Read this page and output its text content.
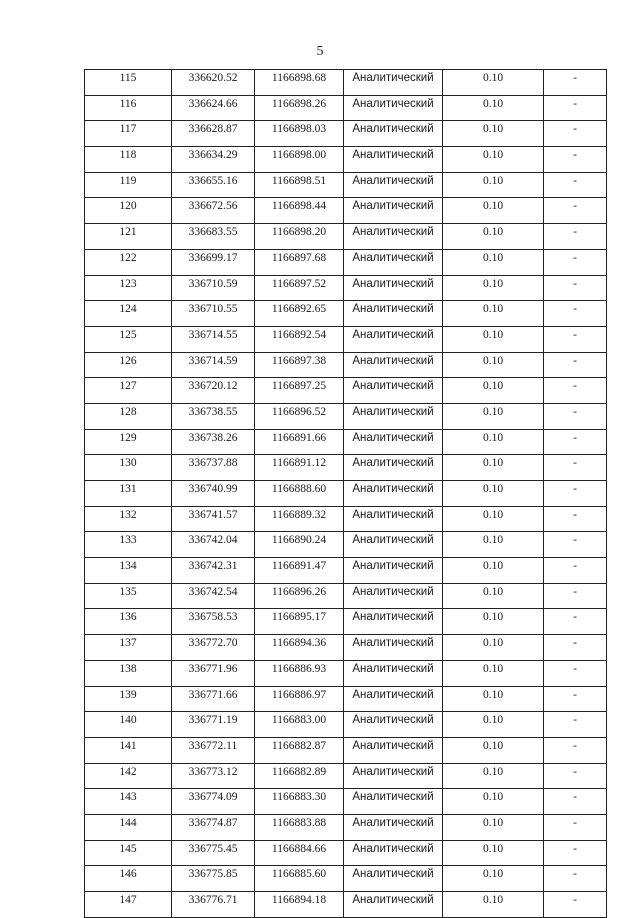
5
115	336620.52	1166898.68	Аналитический	0.10	-
116	336624.66	1166898.26	Аналитический	0.10	-
117	336628.87	1166898.03	Аналитический	0.10	-
118	336634.29	1166898.00	Аналитический	0.10	-
119	336655.16	1166898.51	Аналитический	0.10	-
120	336672.56	1166898.44	Аналитический	0.10	-
121	336683.55	1166898.20	Аналитический	0.10	-
122	336699.17	1166897.68	Аналитический	0.10	-
123	336710.59	1166897.52	Аналитический	0.10	-
124	336710.55	1166892.65	Аналитический	0.10	-
125	336714.55	1166892.54	Аналитический	0.10	-
126	336714.59	1166897.38	Аналитический	0.10	-
127	336720.12	1166897.25	Аналитический	0.10	-
128	336738.55	1166896.52	Аналитический	0.10	-
129	336738.26	1166891.66	Аналитический	0.10	-
130	336737.88	1166891.12	Аналитический	0.10	-
131	336740.99	1166888.60	Аналитический	0.10	-
132	336741.57	1166889.32	Аналитический	0.10	-
133	336742.04	1166890.24	Аналитический	0.10	-
134	336742.31	1166891.47	Аналитический	0.10	-
135	336742.54	1166896.26	Аналитический	0.10	-
136	336758.53	1166895.17	Аналитический	0.10	-
137	336772.70	1166894.36	Аналитический	0.10	-
138	336771.96	1166886.93	Аналитический	0.10	-
139	336771.66	1166886.97	Аналитический	0.10	-
140	336771.19	1166883.00	Аналитический	0.10	-
141	336772.11	1166882.87	Аналитический	0.10	-
142	336773.12	1166882.89	Аналитический	0.10	-
143	336774.09	1166883.30	Аналитический	0.10	-
144	336774.87	1166883.88	Аналитический	0.10	-
145	336775.45	1166884.66	Аналитический	0.10	-
146	336775.85	1166885.60	Аналитический	0.10	-
147	336776.71	1166894.18	Аналитический	0.10	-
